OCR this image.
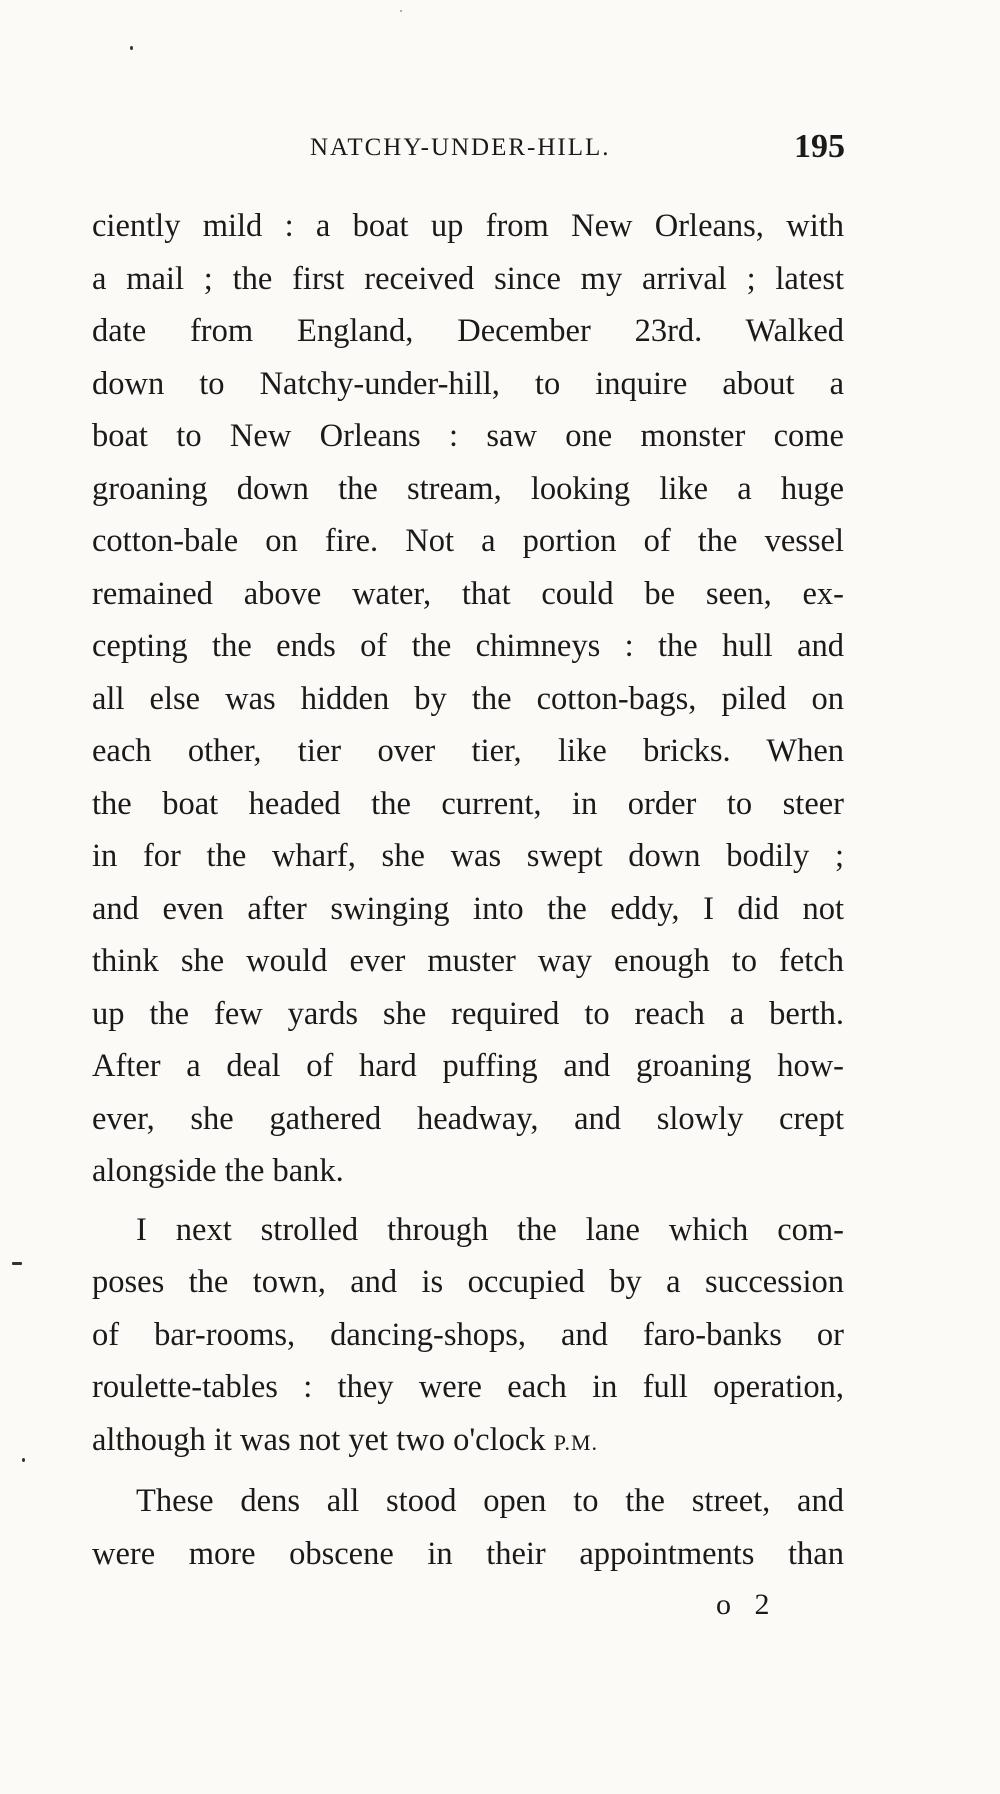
NATCHY-UNDER-HILL.	195
ciently mild : a boat up from New Orleans, with
a mail ; the first received since my arrival ; latest
date from England, December 23rd. Walked
down to Natchy-under-hill, to inquire about a
boat to New Orleans : saw one monster come
groaning down the stream, looking like a huge
cotton-bale on fire. Not a portion of the vessel
remained above water, that could be seen, ex-
cepting the ends of the chimneys : the hull and
all else was hidden by the cotton-bags, piled on
each other, tier over tier, like bricks. When
the boat headed the current, in order to steer
in for the wharf, she was swept down bodily ;
and even after swinging into the eddy, I did not
think she would ever muster way enough to fetch
up the few yards she required to reach a berth.
After a deal of hard puffing and groaning how-
ever, she gathered headway, and slowly crept
alongside the bank.
I next strolled through the lane which com-
poses the town, and is occupied by a succession
of bar-rooms, dancing-shops, and faro-banks or
roulette-tables : they were each in full operation,
although it was not yet two o'clock P.M.
These dens all stood open to the street, and
were more obscene in their appointments than
o 2
